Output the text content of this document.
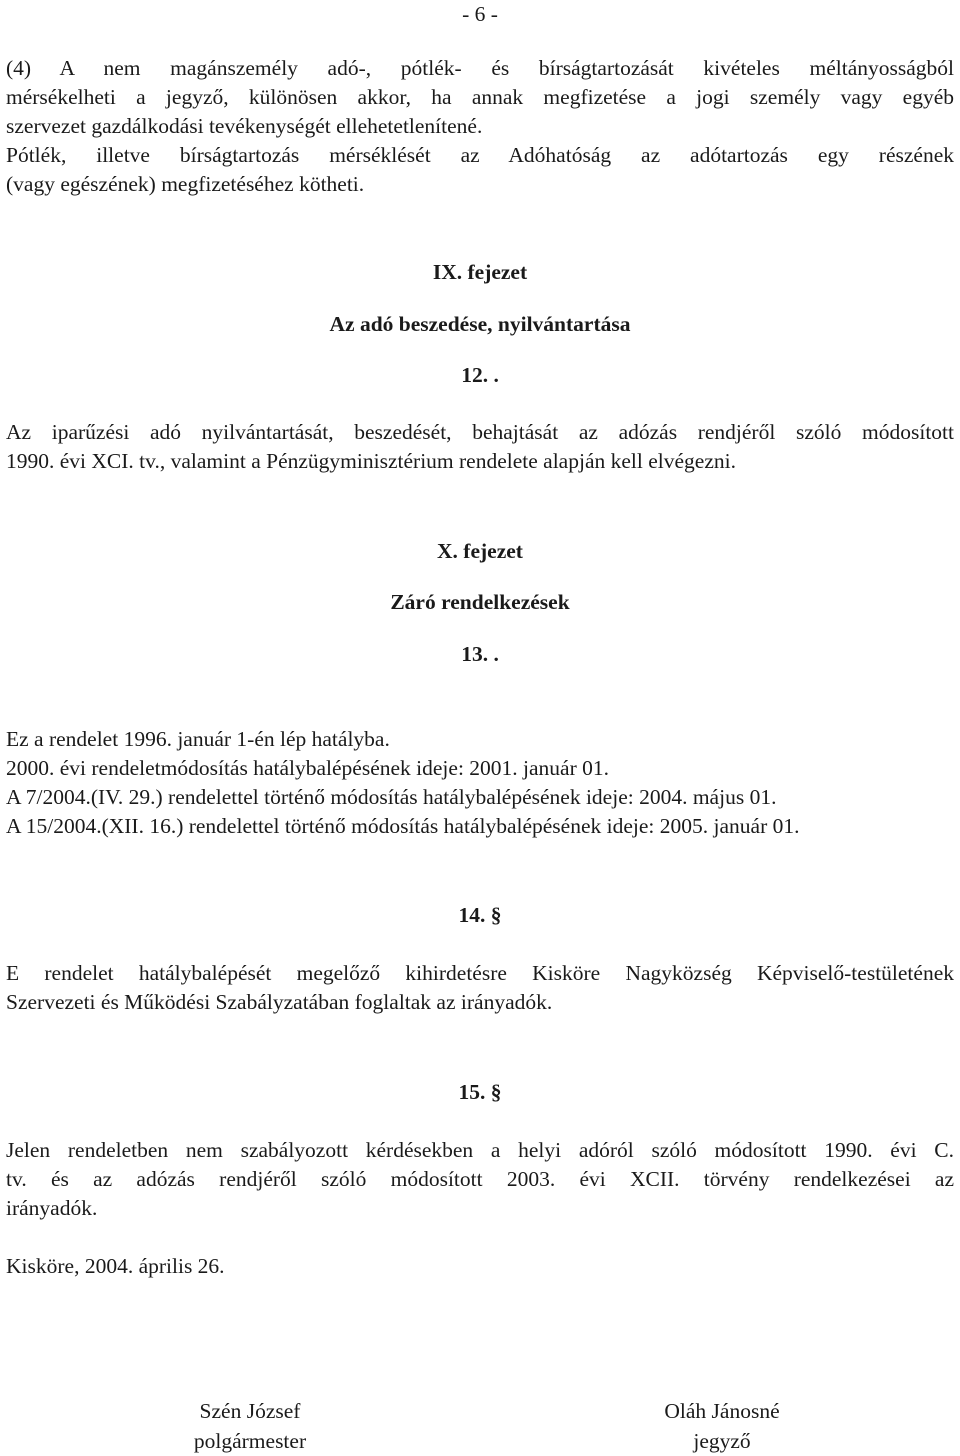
- 6 -
(4) A nem magánszemély adó-, pótlék- és bírságtartozását kivételes méltányosságból
mérsékelheti a jegyző, különösen akkor, ha annak megfizetése a jogi személy vagy egyéb
szervezet gazdálkodási tevékenységét ellehetetlenítené.
Pótlék, illetve bírságtartozás mérséklését az Adóhatóság az adótartozás egy részének
(vagy egészének) megfizetéséhez kötheti.
IX. fejezet
Az adó beszedése, nyilvántartása
12. .
Az iparűzési adó nyilvántartását, beszedését, behajtását az adózás rendjéről szóló módosított
1990. évi XCI. tv., valamint a Pénzügyminisztérium rendelete alapján kell elvégezni.
X. fejezet
Záró rendelkezések
13. .
Ez a rendelet 1996. január 1-én lép hatályba.
2000. évi rendeletmódosítás hatálybalépésének ideje: 2001. január 01.
A 7/2004.(IV. 29.) rendelettel történő módosítás hatálybalépésének ideje: 2004. május 01.
A 15/2004.(XII. 16.) rendelettel történő módosítás hatálybalépésének ideje: 2005. január 01.
14. §
E rendelet hatálybalépését megelőző kihirdetésre Kisköre Nagyközség Képviselő-testületének
Szervezeti és Működési Szabályzatában foglaltak az irányadók.
15. §
Jelen rendeletben nem szabályozott kérdésekben a helyi adóról szóló módosított 1990. évi C.
tv. és az adózás rendjéről szóló módosított 2003. évi XCII. törvény rendelkezései az
irányadók.
Kisköre, 2004. április 26.
Szén József
polgármester
Oláh Jánosné
jegyző
